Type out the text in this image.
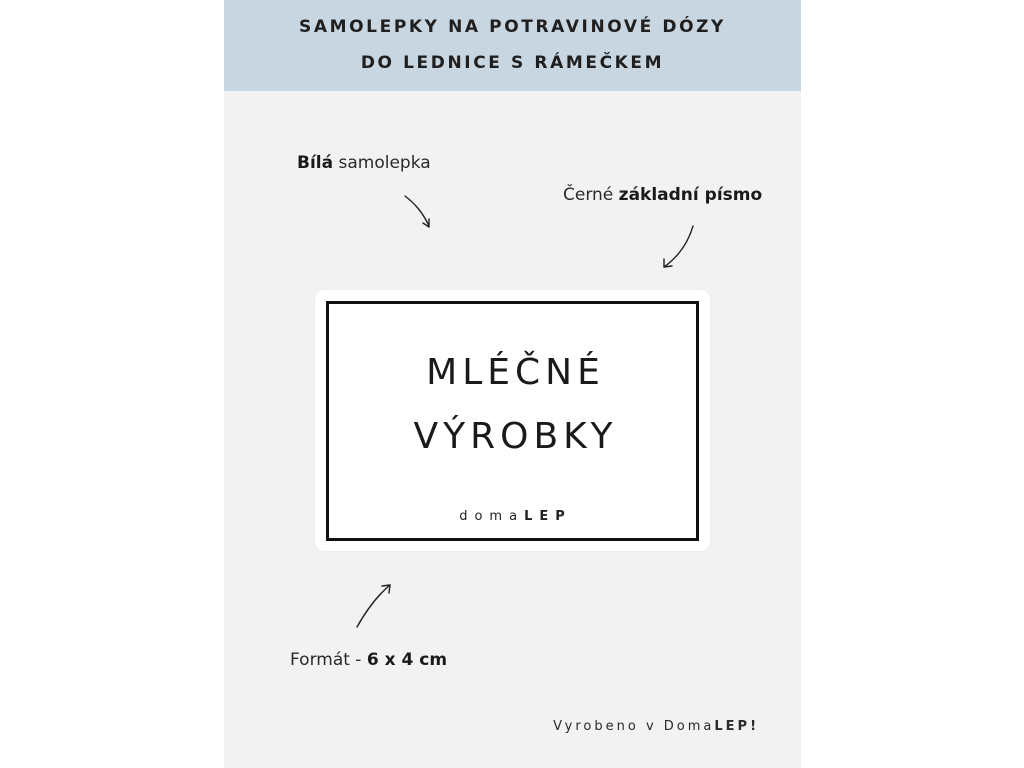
SAMOLEPKY NA POTRAVINOVÉ DÓZY
DO LEDNICE S RÁMEČKEM
Bílá samolepka
Černé základní písmo
MLÉČNÉ
VÝROBKY
domaLEP
Formát - 6 x 4 cm
Vyrobeno v DomaLEP!
